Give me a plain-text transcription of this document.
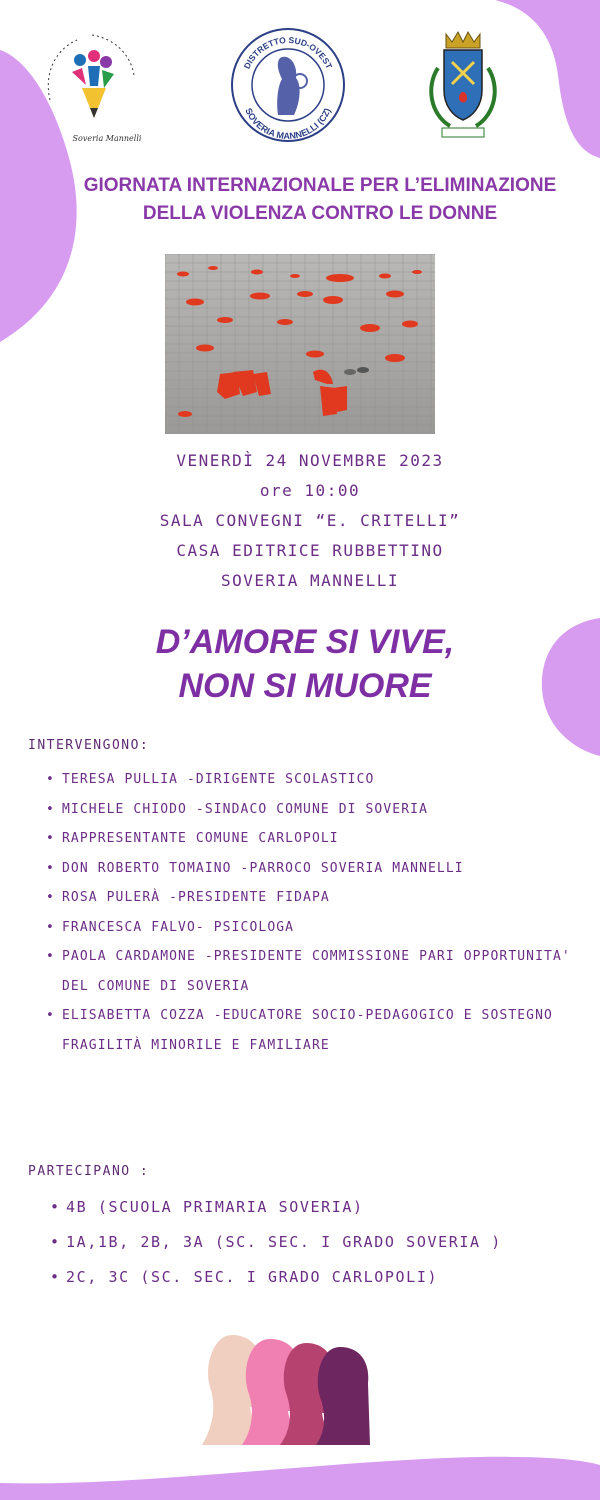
Soveria Mannelli
DISTRETTO SUD-OVEST
SOVERIA MANNELLI (CZ)
GIORNATA INTERNAZIONALE PER L’ELIMINAZIONE
DELLA VIOLENZA CONTRO LE DONNE
VENERDÌ 24 NOVEMBRE 2023
ore 10:00
SALA CONVEGNI “E. CRITELLI”
CASA EDITRICE RUBBETTINO
SOVERIA MANNELLI
D’AMORE SI VIVE,
NON SI MUORE
INTERVENGONO:
• TERESA PULLIA -DIRIGENTE SCOLASTICO
• MICHELE CHIODO -SINDACO COMUNE DI SOVERIA
• RAPPRESENTANTE COMUNE CARLOPOLI
• DON ROBERTO TOMAINO -PARROCO SOVERIA MANNELLI
• ROSA PULERÀ -PRESIDENTE FIDAPA
• FRANCESCA FALVO- PSICOLOGA
• PAOLA CARDAMONE -PRESIDENTE COMMISSIONE PARI OPPORTUNITA' DEL COMUNE DI SOVERIA
• ELISABETTA COZZA -EDUCATORE SOCIO-PEDAGOGICO E SOSTEGNO FRAGILITÀ MINORILE E FAMILIARE
PARTECIPANO :
• 4B (SCUOLA PRIMARIA SOVERIA)
• 1A,1B, 2B, 3A (SC. SEC. I GRADO SOVERIA )
• 2C, 3C (SC. SEC. I GRADO CARLOPOLI)
